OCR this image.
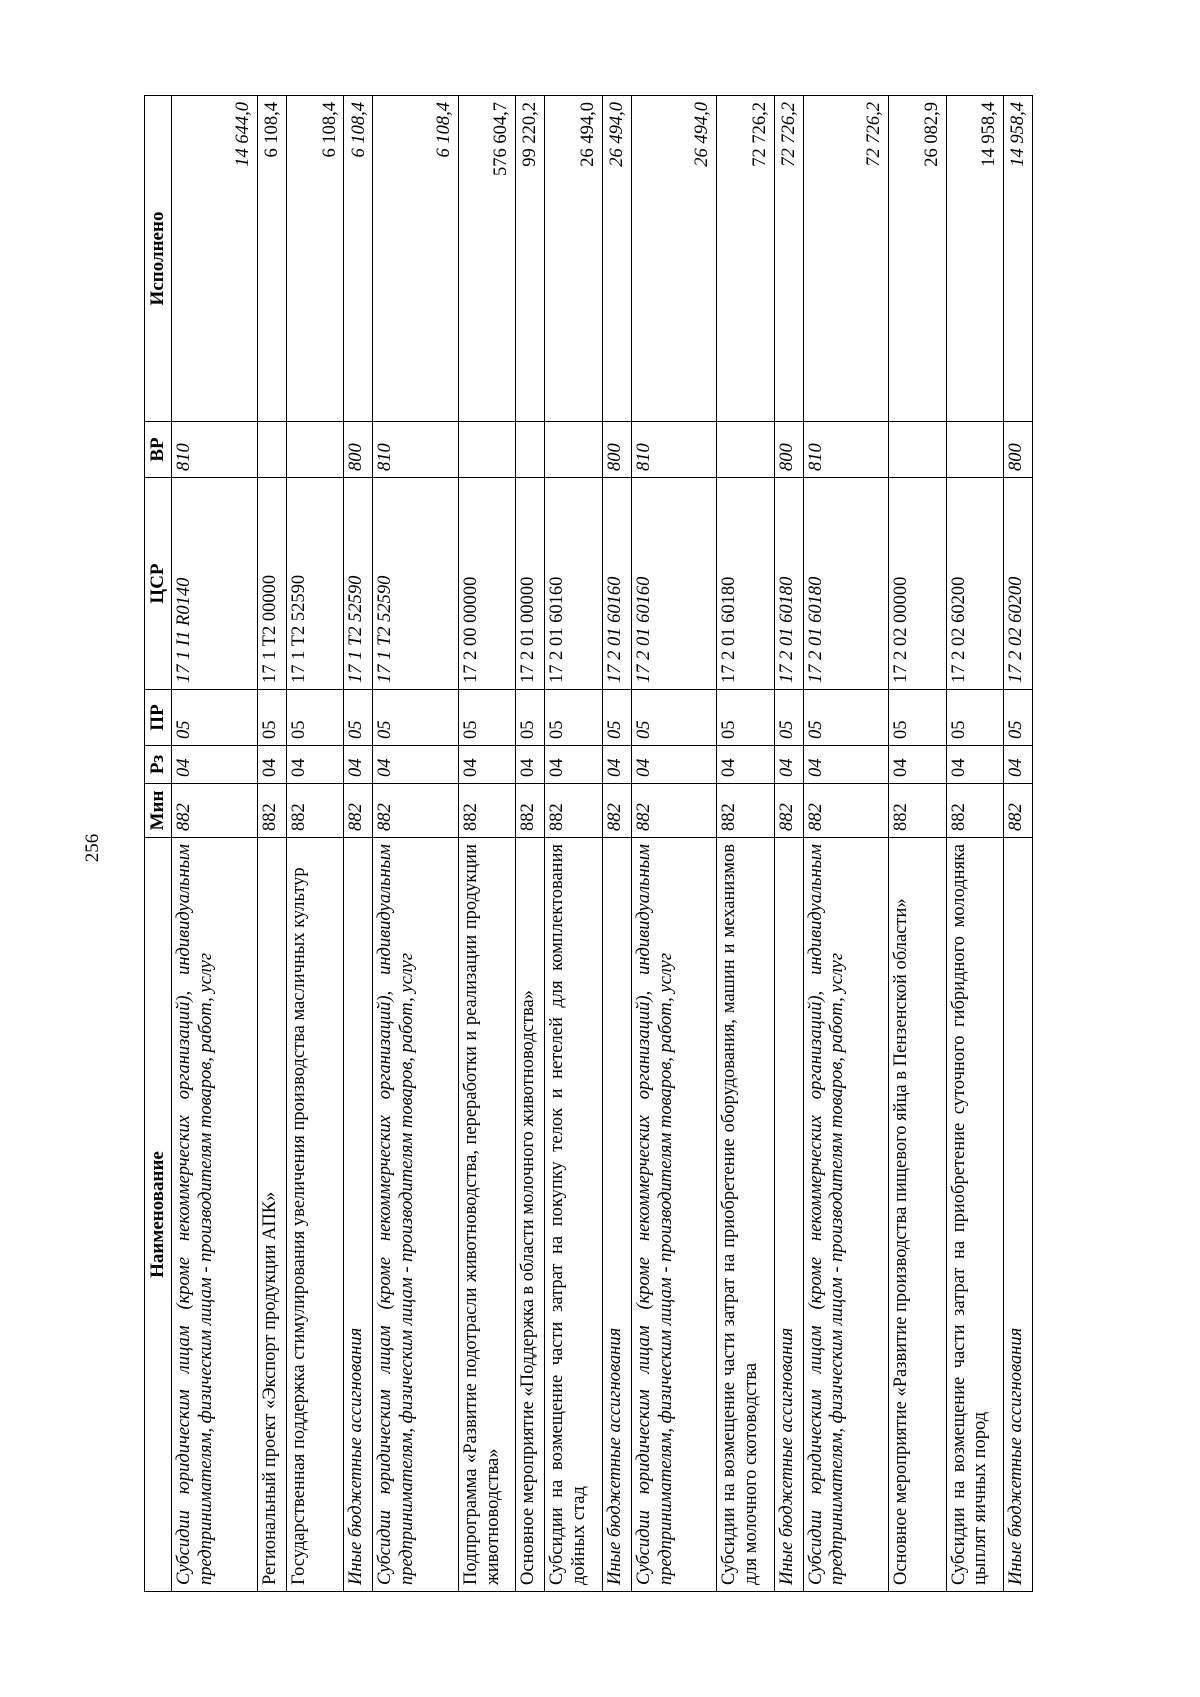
256
Наименование	Мин	Рз	ПР	ЦСР	ВР	Исполнено
Субсидии юридическим лицам (кроме некоммерческих организаций), индивидуальным предпринимателям, физическим лицам - производителям товаров, работ, услуг	882	04	05	17 1 I1 R0140	810	14 644,0
Региональный проект «Экспорт продукции АПК»	882	04	05	17 1 T2 00000		6 108,4
Государственная поддержка стимулирования увеличения производства масличных культур	882	04	05	17 1 T2 52590		6 108,4
Иные бюджетные ассигнования	882	04	05	17 1 T2 52590	800	6 108,4
Субсидии юридическим лицам (кроме некоммерческих организаций), индивидуальным предпринимателям, физическим лицам - производителям товаров, работ, услуг	882	04	05	17 1 T2 52590	810	6 108,4
Подпрограмма «Развитие подотрасли животноводства, переработки и реализации продукции животноводства»	882	04	05	17 2 00 00000		576 604,7
Основное мероприятие «Поддержка в области молочного животноводства»	882	04	05	17 2 01 00000		99 220,2
Субсидии на возмещение части затрат на покупку телок и нетелей для комплектования дойных стад	882	04	05	17 2 01 60160		26 494,0
Иные бюджетные ассигнования	882	04	05	17 2 01 60160	800	26 494,0
Субсидии юридическим лицам (кроме некоммерческих организаций), индивидуальным предпринимателям, физическим лицам - производителям товаров, работ, услуг	882	04	05	17 2 01 60160	810	26 494,0
Субсидии на возмещение части затрат на приобретение оборудования, машин и механизмов для молочного скотоводства	882	04	05	17 2 01 60180		72 726,2
Иные бюджетные ассигнования	882	04	05	17 2 01 60180	800	72 726,2
Субсидии юридическим лицам (кроме некоммерческих организаций), индивидуальным предпринимателям, физическим лицам - производителям товаров, работ, услуг	882	04	05	17 2 01 60180	810	72 726,2
Основное мероприятие «Развитие производства пищевого яйца в Пензенской области»	882	04	05	17 2 02 00000		26 082,9
Субсидии на возмещение части затрат на приобретение суточного гибридного молодняка цыплят яичных пород	882	04	05	17 2 02 60200		14 958,4
Иные бюджетные ассигнования	882	04	05	17 2 02 60200	800	14 958,4
